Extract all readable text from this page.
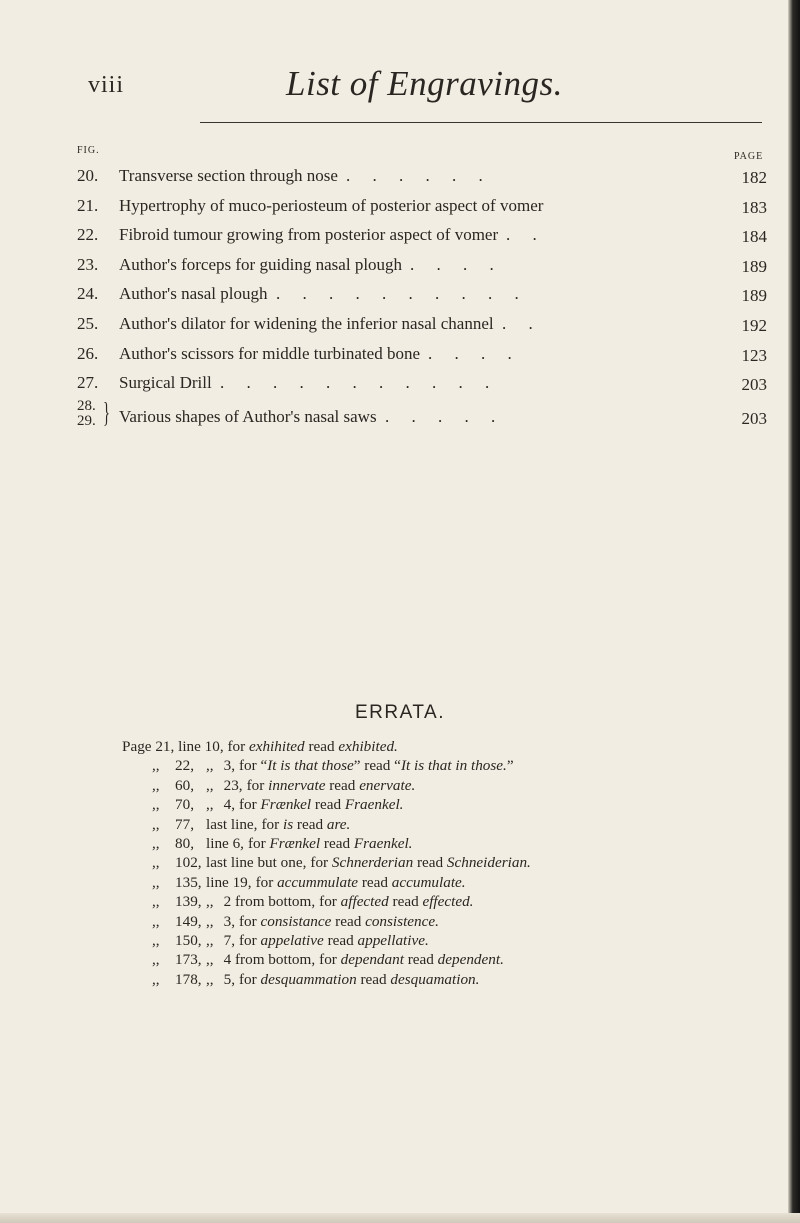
viii	List of Engravings.
FIG.
PAGE
20. Transverse section through nose . . . . . .	182
21. Hypertrophy of muco-periosteum of posterior aspect of vomer	183
22. Fibroid tumour growing from posterior aspect of vomer . .	184
23. Author's forceps for guiding nasal plough . . . .	189
24. Author's nasal plough . . . . . . . . . .	189
25. Author's dilator for widening the inferior nasal channel . .	192
26. Author's scissors for middle turbinated bone . . . .	123
27. Surgical Drill . . . . . . . . . . .	203
28.
29. } Various shapes of Author's nasal saws . . . . .	203
ERRATA.
Page 21, line 10, for exhihited read exhibited.
,, 22, ,, 3, for “It is that those” read “It is that in those.”
,, 60, ,, 23, for innervate read enervate.
,, 70, ,, 4, for Frænkel read Fraenkel.
,, 77, last line, for is read are.
,, 80, line 6, for Frænkel read Fraenkel.
,, 102, last line but one, for Schnerderian read Schneiderian.
,, 135, line 19, for accummulate read accumulate.
,, 139, ,, 2 from bottom, for affected read effected.
,, 149, ,, 3, for consistance read consistence.
,, 150, ,, 7, for appelative read appellative.
,, 173, ,, 4 from bottom, for dependant read dependent.
,, 178, ,, 5, for desquammation read desquamation.
